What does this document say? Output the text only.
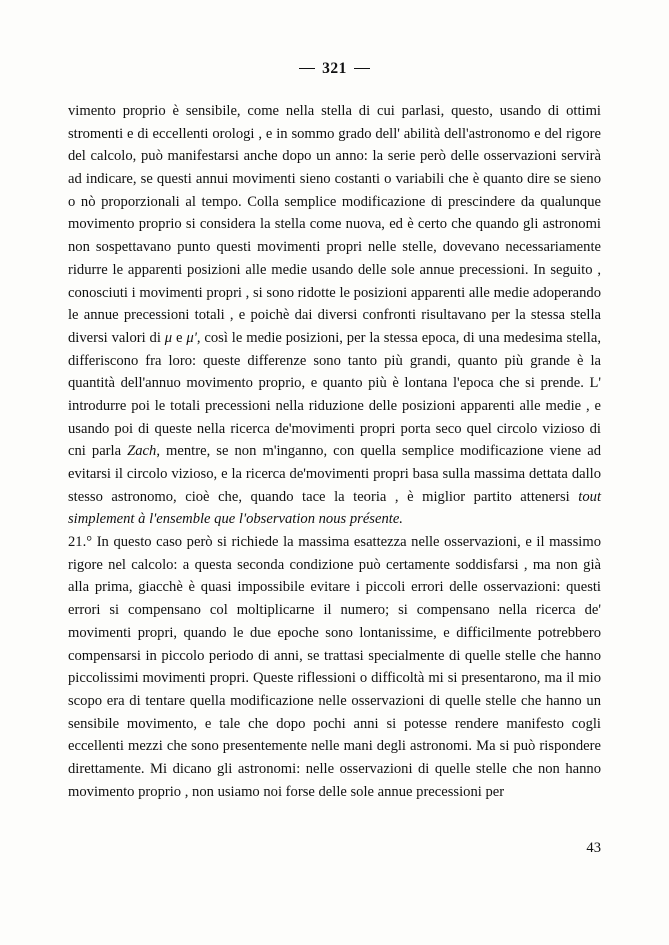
321

vimento proprio è sensibile, come nella stella di cui parlasi, questo, usando di ottimi stromenti e di eccellenti orologi , e in sommo grado dell' abilità dell'astronomo e del rigore del calcolo, può manifestarsi anche dopo un anno: la serie però delle osservazioni servirà ad indicare, se questi annui movimenti sieno costanti o variabili che è quanto dire se sieno o nò proporzionali al tempo. Colla semplice modificazione di prescindere da qualunque movimento proprio si considera la stella come nuova, ed è certo che quando gli astronomi non sospettavano punto questi movimenti propri nelle stelle, dovevano necessariamente ridurre le apparenti posizioni alle medie usando delle sole annue precessioni. In seguito , conosciuti i movimenti propri , si sono ridotte le posizioni apparenti alle medie adoperando le annue precessioni totali , e poichè dai diversi confronti risultavano per la stessa stella diversi valori di μ e μ', così le medie posizioni, per la stessa epoca, di una medesima stella, differiscono fra loro: queste differenze sono tanto più grandi, quanto più grande è la quantità dell'annuo movimento proprio, e quanto più è lontana l'epoca che si prende. L' introdurre poi le totali precessioni nella riduzione delle posizioni apparenti alle medie , e usando poi di queste nella ricerca de'movimenti propri porta seco quel circolo vizioso di cni parla Zach, mentre, se non m'inganno, con quella semplice modificazione viene ad evitarsi il circolo vizioso, e la ricerca de'movimenti propri basa sulla massima dettata dallo stesso astronomo, cioè che, quando tace la teoria , è miglior partito attenersi tout simplement à l'ensemble que l'observation nous présente.

21.° In questo caso però si richiede la massima esattezza nelle osservazioni, e il massimo rigore nel calcolo: a questa seconda condizione può certamente soddisfarsi , ma non già alla prima, giacchè è quasi impossibile evitare i piccoli errori delle osservazioni: questi errori si compensano col moltiplicarne il numero; si compensano nella ricerca de' movimenti propri, quando le due epoche sono lontanissime, e difficilmente potrebbero compensarsi in piccolo periodo di anni, se trattasi specialmente di quelle stelle che hanno piccolissimi movimenti propri. Queste riflessioni o difficoltà mi si presentarono, ma il mio scopo era di tentare quella modificazione nelle osservazioni di quelle stelle che hanno un sensibile movimento, e tale che dopo pochi anni si potesse rendere manifesto cogli eccellenti mezzi che sono presentemente nelle mani degli astronomi. Ma si può rispondere direttamente. Mi dicano gli astronomi: nelle osservazioni di quelle stelle che non hanno movimento proprio , non usiamo noi forse delle sole annue precessioni per

43
